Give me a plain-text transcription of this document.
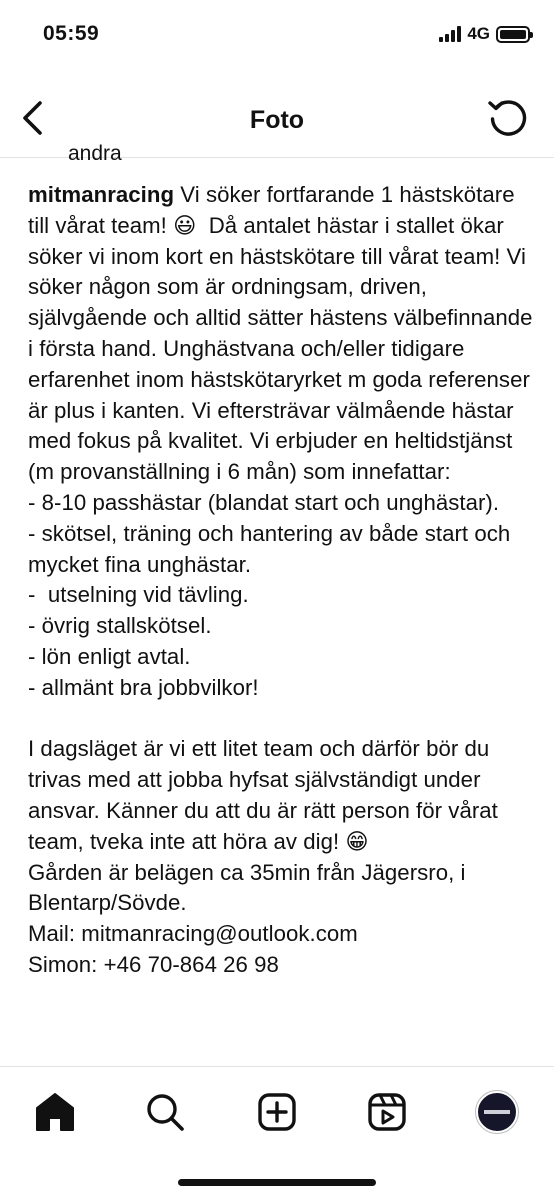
05:59	4G
Foto
andra
mitmanracing Vi söker fortfarande 1 hästskötare till vårat team! 😃  Då antalet hästar i stallet ökar söker vi inom kort en hästskötare till vårat team! Vi söker någon som är ordningsam, driven, självgående och alltid sätter hästens välbefinnande i första hand. Unghästvana och/eller tidigare erfarenhet inom hästskötaryrket m goda referenser är plus i kanten. Vi eftersträvar välmående hästar med fokus på kvalitet. Vi erbjuder en heltidstjänst (m provanställning i 6 mån) som innefattar:
- 8-10 passhästar (blandat start och unghästar).
- skötsel, träning och hantering av både start och mycket fina unghästar.
-  utselning vid tävling.
- övrig stallskötsel.
- lön enligt avtal.
- allmänt bra jobbvilkor!

I dagsläget är vi ett litet team och därför bör du trivas med att jobba hyfsat självständigt under ansvar. Känner du att du är rätt person för vårat team, tveka inte att höra av dig! 😁
Gården är belägen ca 35min från Jägersro, i Blentarp/Sövde.
Mail: mitmanracing@outlook.com
Simon: +46 70-864 26 98
